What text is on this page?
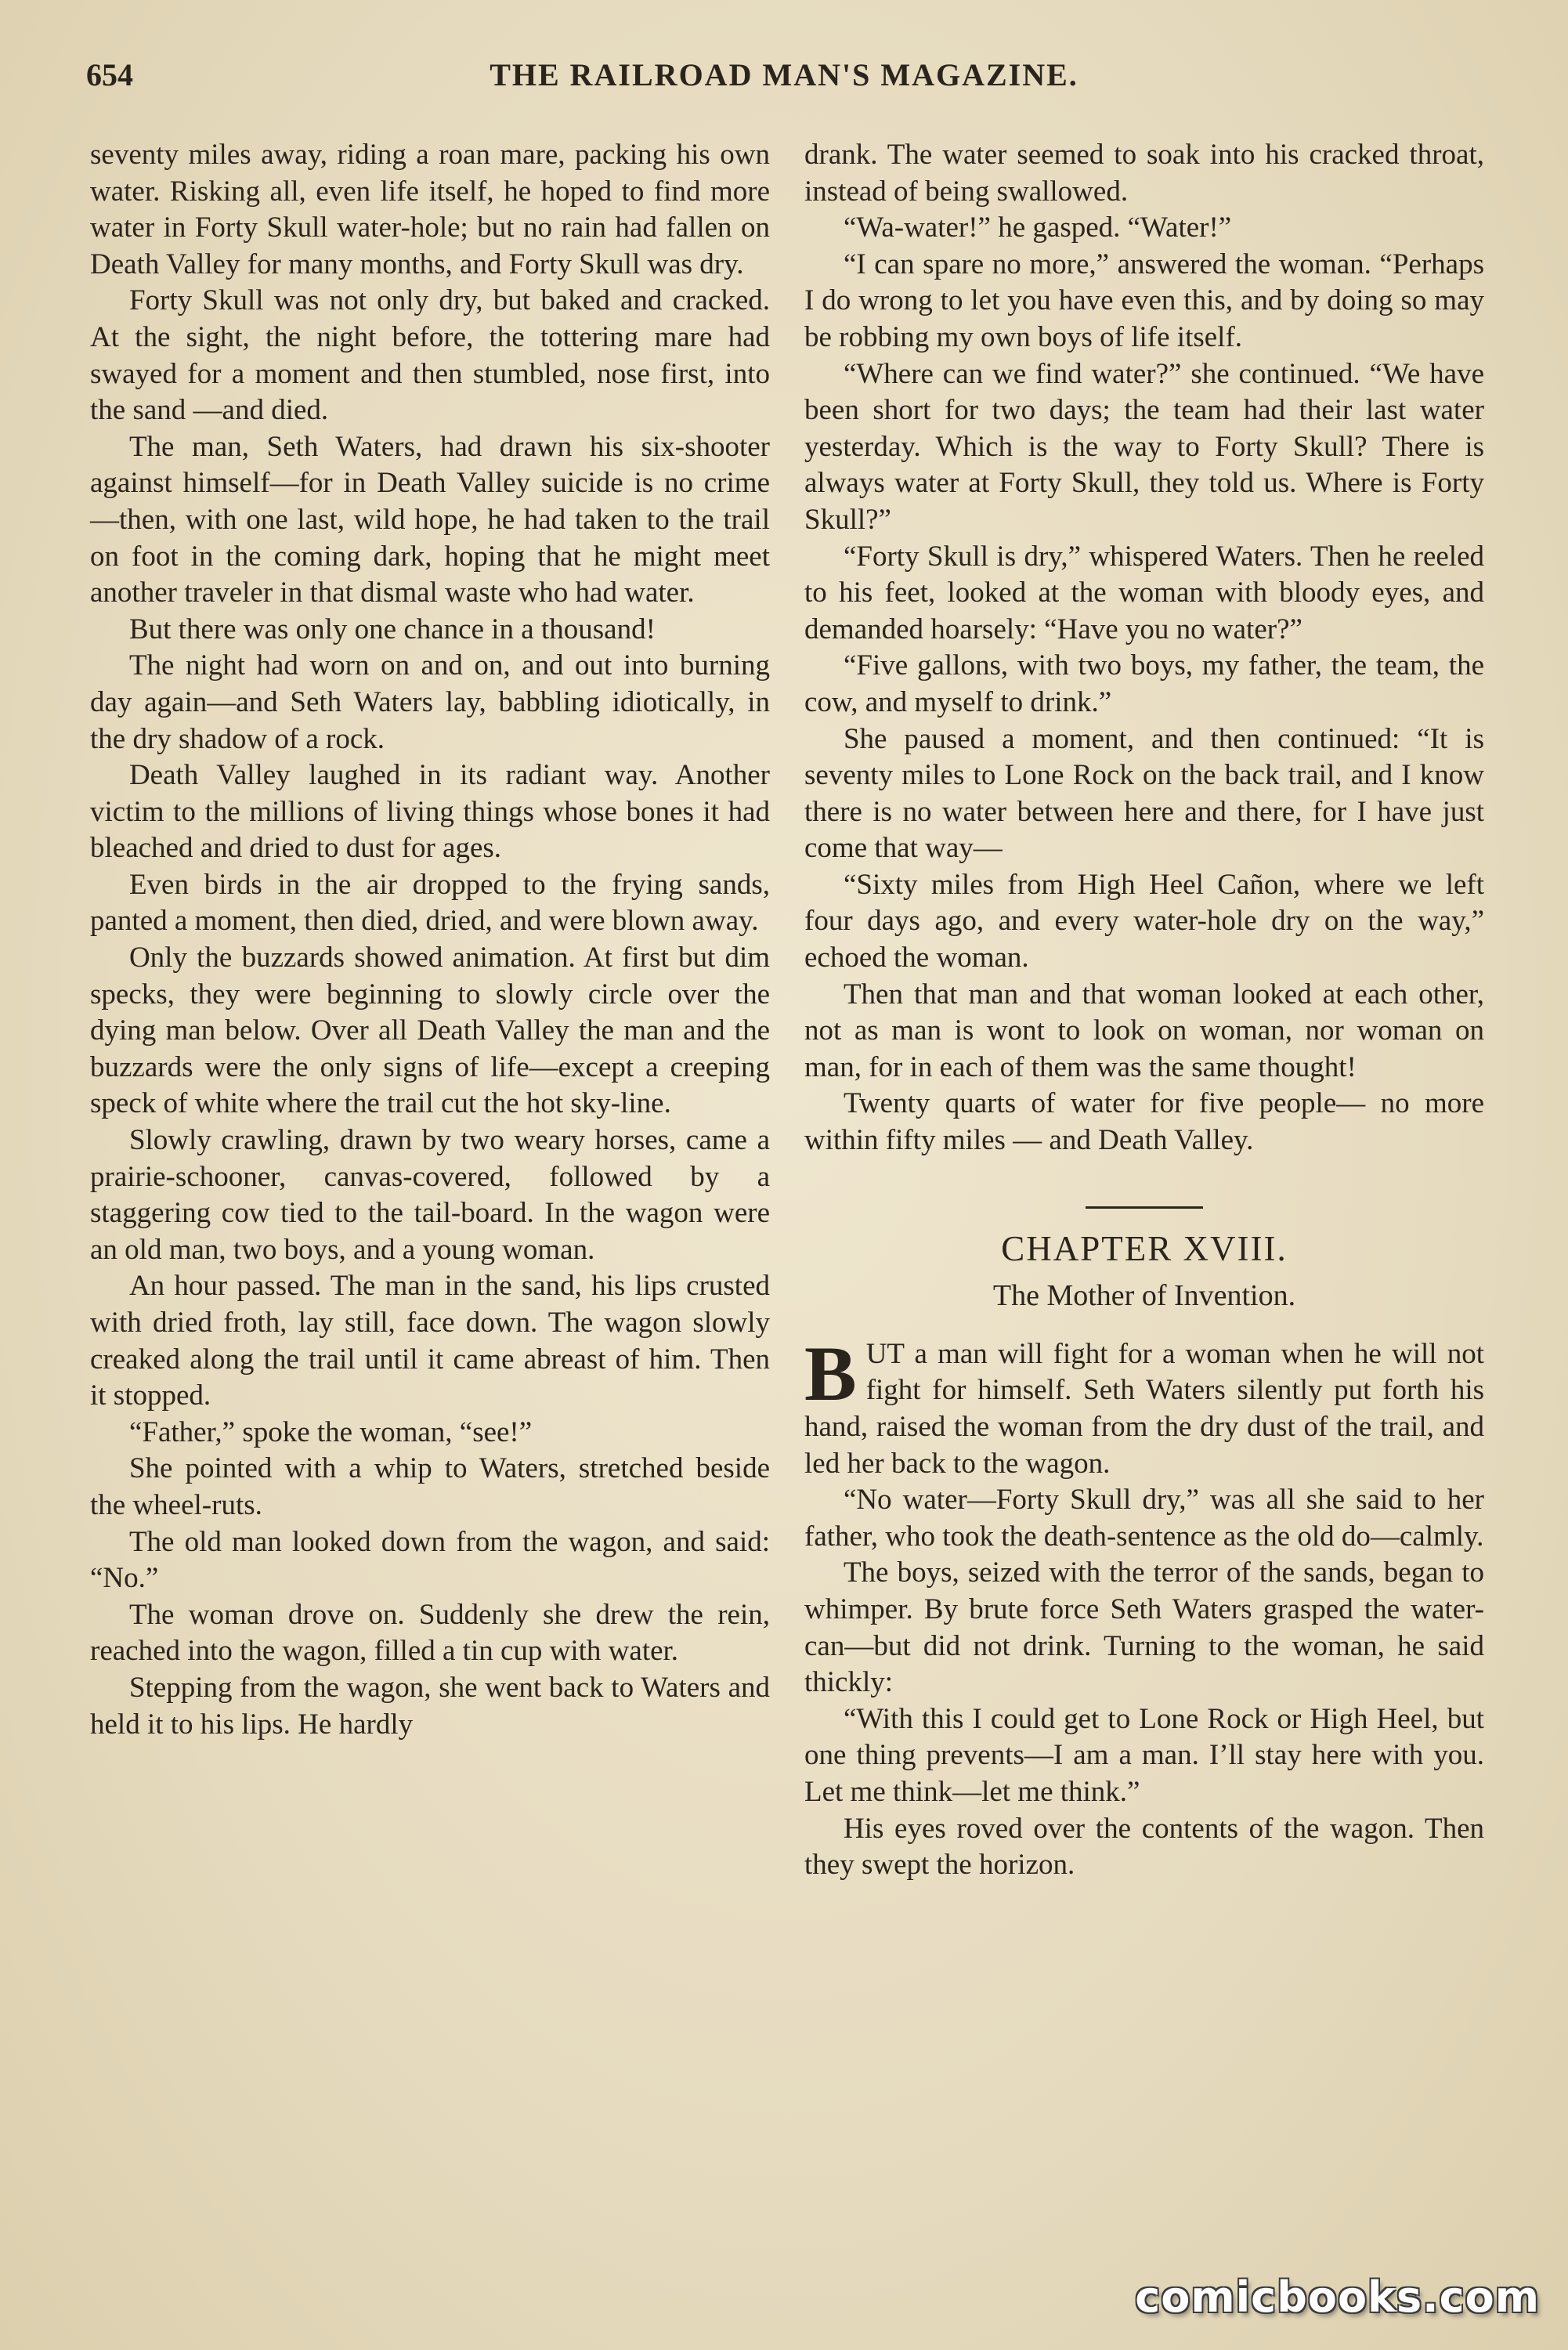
654	THE RAILROAD MAN'S MAGAZINE.

seventy miles away, riding a roan mare, packing his own water. Risking all, even life itself, he hoped to find more water in Forty Skull water-hole; but no rain had fallen on Death Valley for many months, and Forty Skull was dry.

Forty Skull was not only dry, but baked and cracked. At the sight, the night before, the tottering mare had swayed for a moment and then stumbled, nose first, into the sand —and died.

The man, Seth Waters, had drawn his six-shooter against himself—for in Death Valley suicide is no crime—then, with one last, wild hope, he had taken to the trail on foot in the coming dark, hoping that he might meet another traveler in that dismal waste who had water.

But there was only one chance in a thousand!

The night had worn on and on, and out into burning day again—and Seth Waters lay, babbling idiotically, in the dry shadow of a rock.

Death Valley laughed in its radiant way. Another victim to the millions of living things whose bones it had bleached and dried to dust for ages.

Even birds in the air dropped to the frying sands, panted a moment, then died, dried, and were blown away.

Only the buzzards showed animation. At first but dim specks, they were beginning to slowly circle over the dying man below. Over all Death Valley the man and the buzzards were the only signs of life—except a creeping speck of white where the trail cut the hot sky-line.

Slowly crawling, drawn by two weary horses, came a prairie-schooner, canvas-covered, followed by a staggering cow tied to the tail-board. In the wagon were an old man, two boys, and a young woman.

An hour passed. The man in the sand, his lips crusted with dried froth, lay still, face down. The wagon slowly creaked along the trail until it came abreast of him. Then it stopped.

“Father,” spoke the woman, “see!”

She pointed with a whip to Waters, stretched beside the wheel-ruts.

The old man looked down from the wagon, and said: “No.”

The woman drove on. Suddenly she drew the rein, reached into the wagon, filled a tin cup with water.

Stepping from the wagon, she went back to Waters and held it to his lips. He hardly

drank. The water seemed to soak into his cracked throat, instead of being swallowed.

“Wa-water!” he gasped. “Water!”

“I can spare no more,” answered the woman. “Perhaps I do wrong to let you have even this, and by doing so may be robbing my own boys of life itself.

“Where can we find water?” she continued. “We have been short for two days; the team had their last water yesterday. Which is the way to Forty Skull? There is always water at Forty Skull, they told us. Where is Forty Skull?”

“Forty Skull is dry,” whispered Waters. Then he reeled to his feet, looked at the woman with bloody eyes, and demanded hoarsely: “Have you no water?”

“Five gallons, with two boys, my father, the team, the cow, and myself to drink.”

She paused a moment, and then continued: “It is seventy miles to Lone Rock on the back trail, and I know there is no water between here and there, for I have just come that way—

“Sixty miles from High Heel Cañon, where we left four days ago, and every water-hole dry on the way,” echoed the woman.

Then that man and that woman looked at each other, not as man is wont to look on woman, nor woman on man, for in each of them was the same thought!

Twenty quarts of water for five people— no more within fifty miles — and Death Valley.

CHAPTER XVIII.
The Mother of Invention.

BUT a man will fight for a woman when he will not fight for himself. Seth Waters silently put forth his hand, raised the woman from the dry dust of the trail, and led her back to the wagon.

“No water—Forty Skull dry,” was all she said to her father, who took the death-sentence as the old do—calmly.

The boys, seized with the terror of the sands, began to whimper. By brute force Seth Waters grasped the water-can—but did not drink. Turning to the woman, he said thickly:

“With this I could get to Lone Rock or High Heel, but one thing prevents—I am a man. I’ll stay here with you. Let me think—let me think.”

His eyes roved over the contents of the wagon. Then they swept the horizon.

comicbooks.com
